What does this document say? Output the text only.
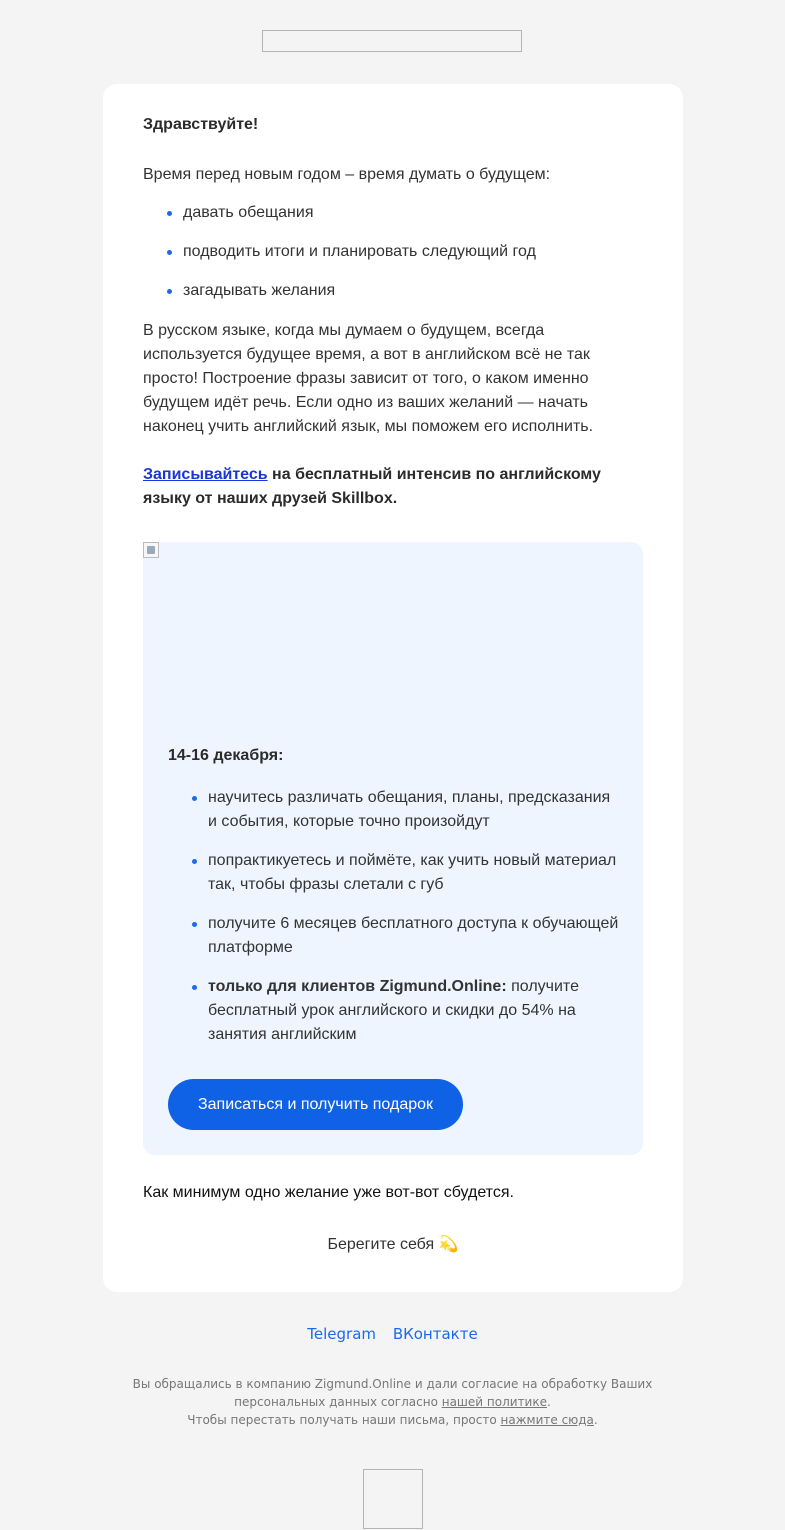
Здравствуйте!
Время перед новым годом – время думать о будущем:
давать обещания
подводить итоги и планировать следующий год
загадывать желания
В русском языке, когда мы думаем о будущем, всегда используется будущее время, а вот в английском всё не так просто! Построение фразы зависит от того, о каком именно будущем идёт речь. Если одно из ваших желаний — начать наконец учить английский язык, мы поможем его исполнить.
Записывайтесь на бесплатный интенсив по английскому языку от наших друзей Skillbox.
14-16 декабря:
научитесь различать обещания, планы, предсказания и события, которые точно произойдут
попрактикуетесь и поймёте, как учить новый материал так, чтобы фразы слетали с губ
получите 6 месяцев бесплатного доступа к обучающей платформе
только для клиентов Zigmund.Online: получите бесплатный урок английского и скидки до 54% на занятия английским
Записаться и получить подарок
Как минимум одно желание уже вот-вот сбудется.
Берегите себя 💫
Telegram ВКонтакте
Вы обращались в компанию Zigmund.Online и дали согласие на обработку Ваших персональных данных согласно нашей политике.
Чтобы перестать получать наши письма, просто нажмите сюда.
